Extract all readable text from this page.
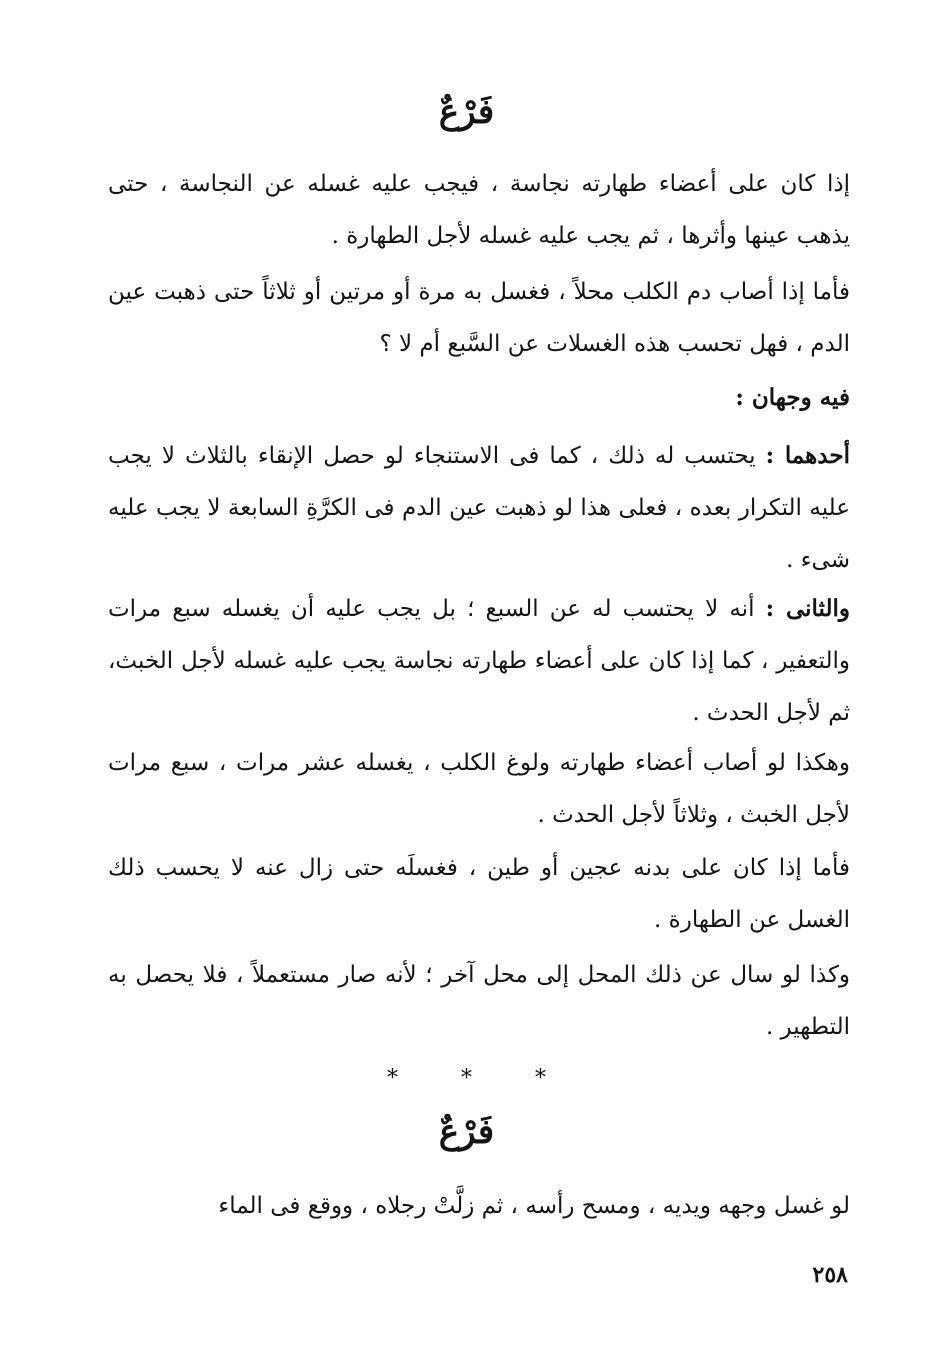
فَرْعٌ
إذا كان على أعضاء طهارته نجاسة ، فيجب عليه غسله عن النجاسة ، حتى يذهب عينها وأثرها ، ثم يجب عليه غسله لأجل الطهارة .
فأما إذا أصاب دم الكلب محلاً ، فغسل به مرة أو مرتين أو ثلاثاً حتى ذهبت عين الدم ، فهل تحسب هذه الغسلات عن السَّبع أم لا ؟
فيه وجهان :
أحدهما : يحتسب له ذلك ، كما فى الاستنجاء لو حصل الإنقاء بالثلاث لا يجب عليه التكرار بعده ، فعلى هذا لو ذهبت عين الدم فى الكرَّةِ السابعة لا يجب عليه شىء .
والثانى : أنه لا يحتسب له عن السبع ؛ بل يجب عليه أن يغسله سبع مرات والتعفير ، كما إذا كان على أعضاء طهارته نجاسة يجب عليه غسله لأجل الخبث، ثم لأجل الحدث .
وهكذا لو أصاب أعضاء طهارته ولوغ الكلب ، يغسله عشر مرات ، سبع مرات لأجل الخبث ، وثلاثاً لأجل الحدث .
فأما إذا كان على بدنه عجين أو طين ، فغسلَه حتى زال عنه لا يحسب ذلك الغسل عن الطهارة .
وكذا لو سال عن ذلك المحل إلى محل آخر ؛ لأنه صار مستعملاً ، فلا يحصل به التطهير .
*	*	*
فَرْعٌ
لو غسل وجهه ويديه ، ومسح رأسه ، ثم زلَّتْ رجلاه ، ووقع فى الماء
٢٥٨
